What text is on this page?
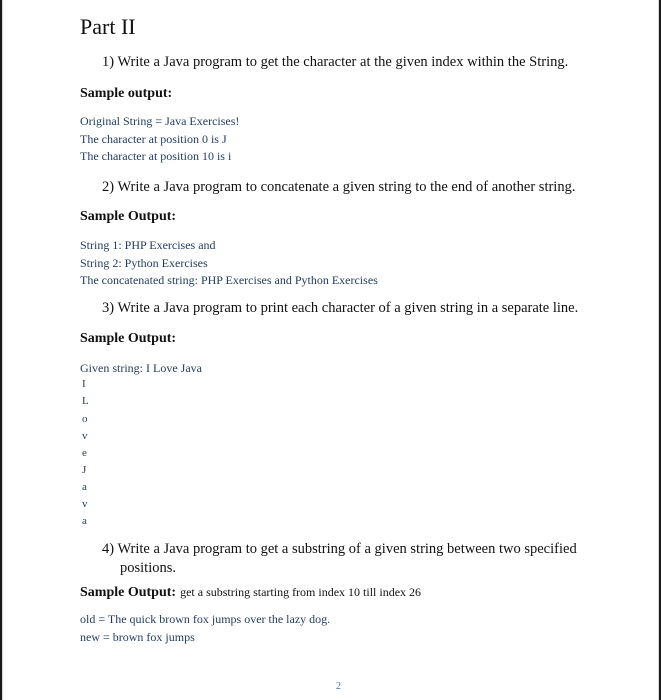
Part II
1) Write a Java program to get the character at the given index within the String.
Sample output:
Original String = Java Exercises!
The character at position 0 is J
The character at position 10 is i
2) Write a Java program to concatenate a given string to the end of another string.
Sample Output:
String 1: PHP Exercises and
String 2: Python Exercises
The concatenated string: PHP Exercises and Python Exercises
3) Write a Java program to print each character of a given string in a separate line.
Sample Output:
Given string: I Love Java
I
L
o
v
e
J
a
v
a
4) Write a Java program to get a substring of a given string between two specified
positions.
Sample Output: get a substring starting from index 10 till index 26
old = The quick brown fox jumps over the lazy dog.
new = brown fox jumps
2
